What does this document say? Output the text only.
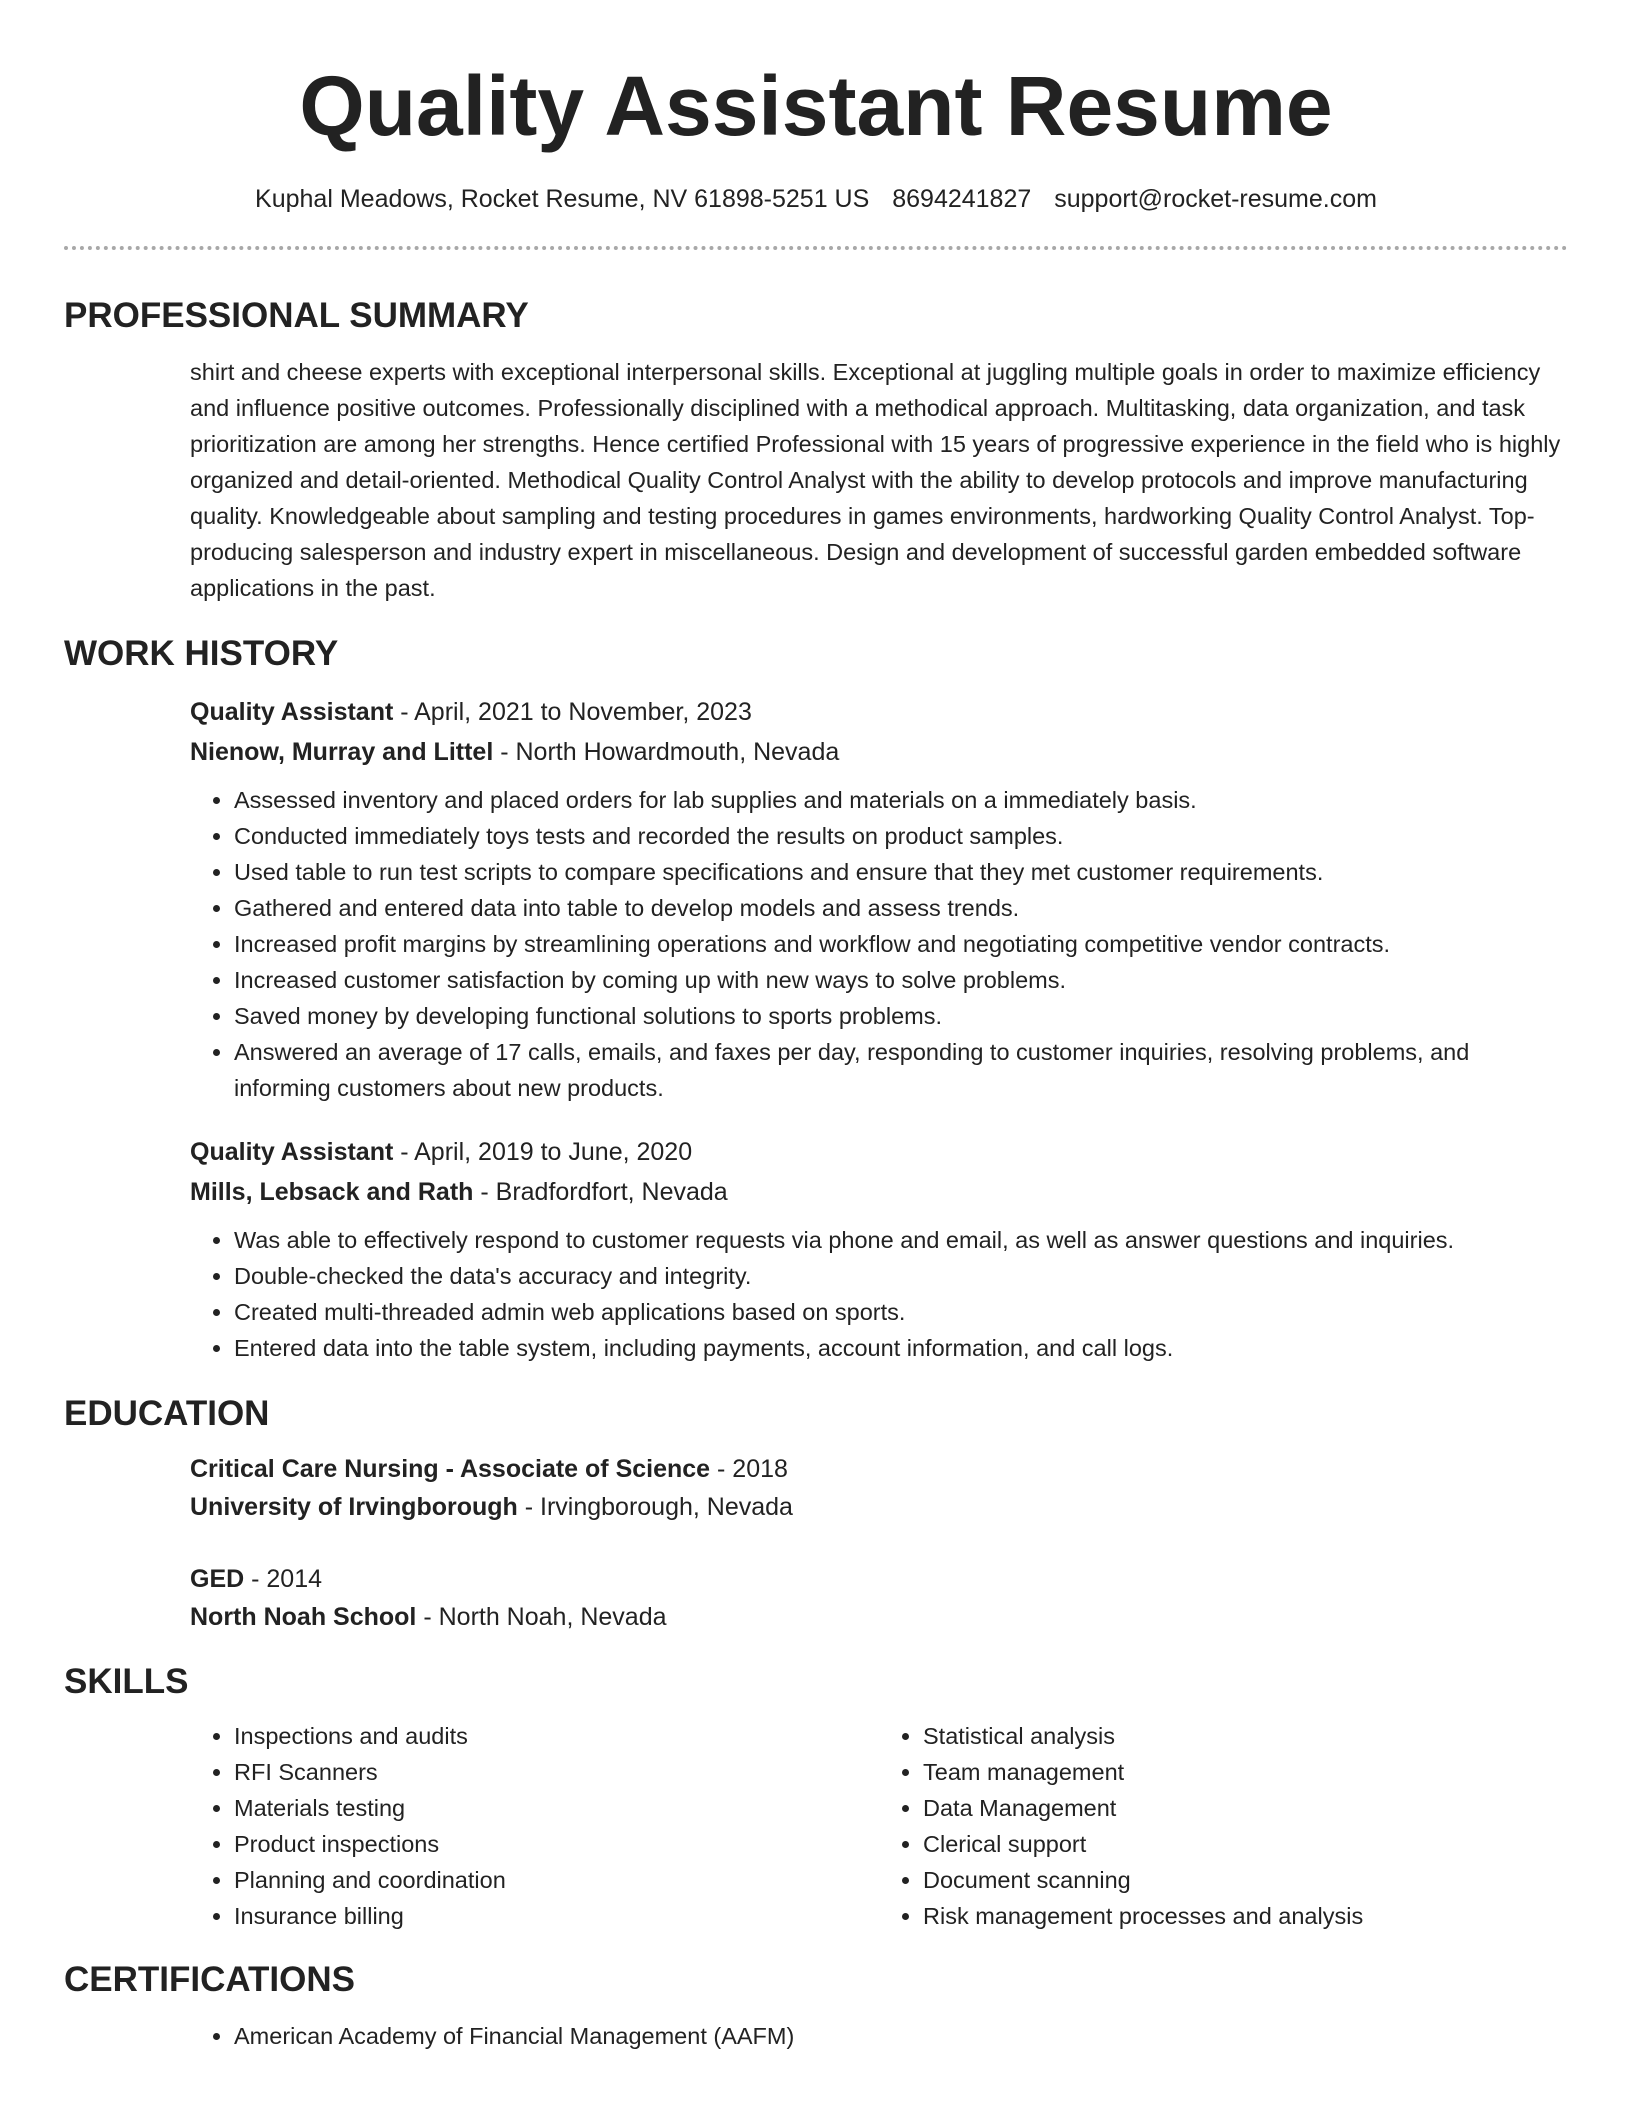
Quality Assistant Resume
Kuphal Meadows, Rocket Resume, NV 61898-5251 US 8694241827 support@rocket-resume.com
PROFESSIONAL SUMMARY

shirt and cheese experts with exceptional interpersonal skills. Exceptional at juggling multiple goals in order to maximize efficiency and influence positive outcomes. Professionally disciplined with a methodical approach. Multitasking, data organization, and task prioritization are among her strengths. Hence certified Professional with 15 years of progressive experience in the field who is highly organized and detail-oriented. Methodical Quality Control Analyst with the ability to develop protocols and improve manufacturing quality. Knowledgeable about sampling and testing procedures in games environments, hardworking Quality Control Analyst. Top-producing salesperson and industry expert in miscellaneous. Design and development of successful garden embedded software applications in the past.

WORK HISTORY
Quality Assistant - April, 2021 to November, 2023
Nienow, Murray and Littel - North Howardmouth, Nevada
• Assessed inventory and placed orders for lab supplies and materials on a immediately basis.
• Conducted immediately toys tests and recorded the results on product samples.
• Used table to run test scripts to compare specifications and ensure that they met customer requirements.
• Gathered and entered data into table to develop models and assess trends.
• Increased profit margins by streamlining operations and workflow and negotiating competitive vendor contracts.
• Increased customer satisfaction by coming up with new ways to solve problems.
• Saved money by developing functional solutions to sports problems.
• Answered an average of 17 calls, emails, and faxes per day, responding to customer inquiries, resolving problems, and informing customers about new products.
Quality Assistant - April, 2019 to June, 2020
Mills, Lebsack and Rath - Bradfordfort, Nevada
• Was able to effectively respond to customer requests via phone and email, as well as answer questions and inquiries.
• Double-checked the data's accuracy and integrity.
• Created multi-threaded admin web applications based on sports.
• Entered data into the table system, including payments, account information, and call logs.
EDUCATION
Critical Care Nursing - Associate of Science - 2018
University of Irvingborough - Irvingborough, Nevada
GED - 2014
North Noah School - North Noah, Nevada
SKILLS
• Inspections and audits
• RFI Scanners
• Materials testing
• Product inspections
• Planning and coordination
• Insurance billing
• Statistical analysis
• Team management
• Data Management
• Clerical support
• Document scanning
• Risk management processes and analysis
CERTIFICATIONS
• American Academy of Financial Management (AAFM)
